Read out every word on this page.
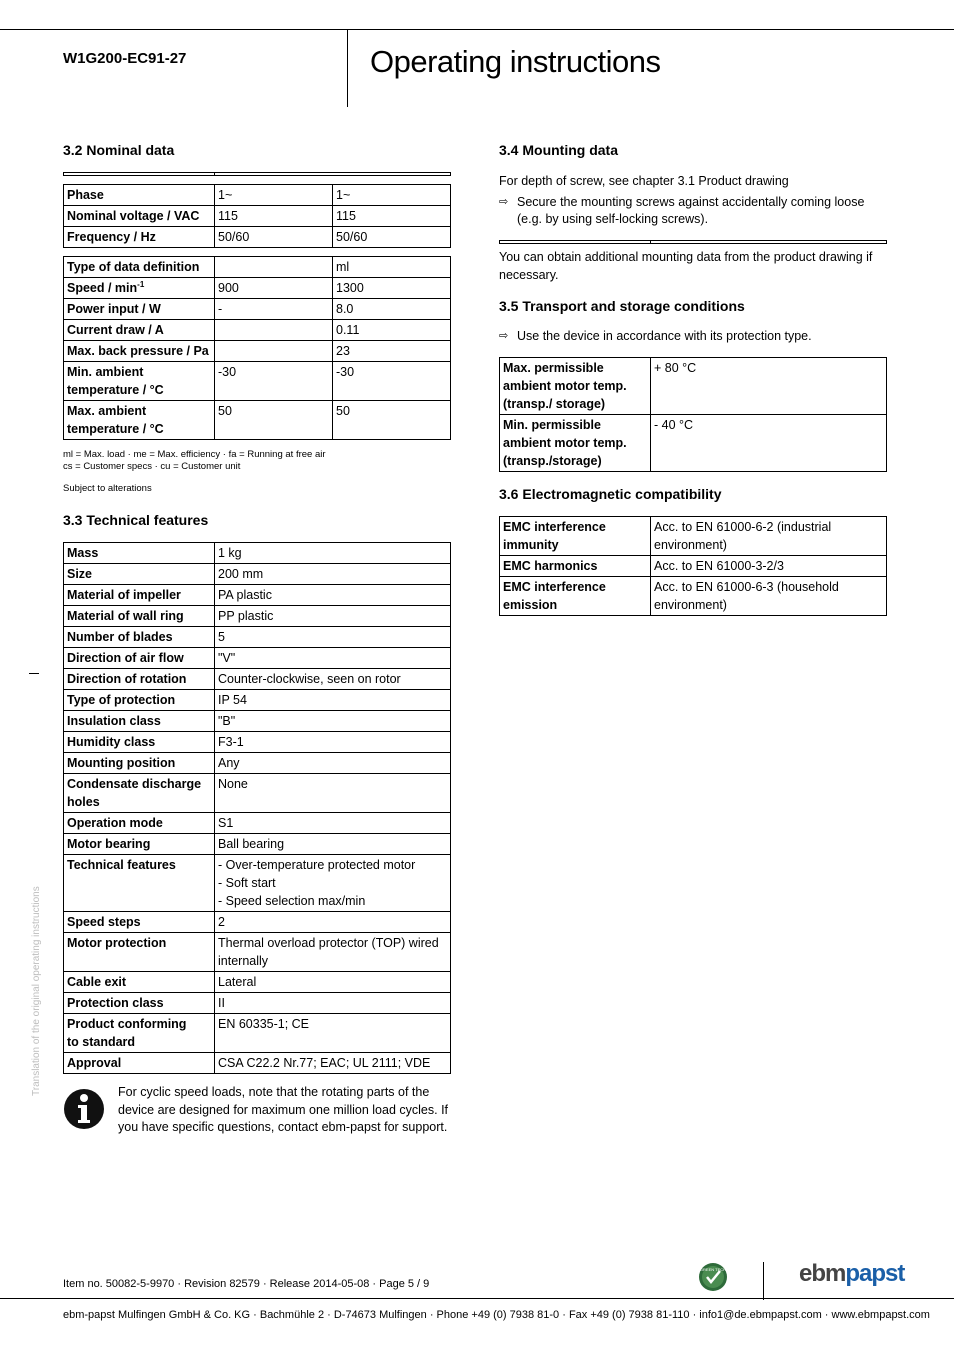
W1G200-EC91-27	Operating instructions
Translation of the original operating instructions
3.2 Nominal data

Phase	1~	1~
Nominal voltage / VAC	115	115
Frequency / Hz	50/60	50/60
Type of data definition		ml
Speed / $\min^{-1}$	900	1300
Power input / W	-	8.0
Current draw / A		0.11
Max. back pressure / Pa		23
Min. ambient temperature / °C	-30	-30
Max. ambient temperature / °C	50	50
ml = Max. load · me = Max. efficiency · fa = Running at free air
cs = Customer specs · cu = Customer unit
Subject to alterations
3.3 Technical features
Mass	1 kg
Size	200 mm
Material of impeller	PA plastic
Material of wall ring	PP plastic
Number of blades	5
Direction of air flow	"V"
Direction of rotation	Counter-clockwise, seen on rotor
Type of protection	IP 54
Insulation class	"B"
Humidity class	F3-1
Mounting position	Any
Condensate discharge holes	None
Operation mode	S1
Motor bearing	Ball bearing
Technical features	- Over-temperature protected motor
- Soft start
- Speed selection max/min
Speed steps	2
Motor protection	Thermal overload protector (TOP) wired internally
Cable exit	Lateral
Protection class	II
Product conforming
to standard	EN 60335-1; CE
Approval	CSA C22.2 Nr.77; EAC; UL 2111; VDE
For cyclic speed loads, note that the rotating parts of the device are designed for maximum one million load cycles. If you have specific questions, contact ebm-papst for support.
3.4 Mounting data

For depth of screw, see chapter 3.1 Product drawing

⇨ Secure the mounting screws against accidentally coming loose (e.g. by using self-locking screws).

You can obtain additional mounting data from the product drawing if necessary.

3.5 Transport and storage conditions
⇨ Use the device in accordance with its protection type.
Max. permissible ambient motor temp. (transp./ storage)	+ 80 °C
Min. permissible ambient motor temp. (transp./storage)	- 40 °C
3.6 Electromagnetic compatibility
EMC interference immunity	Acc. to EN 61000-6-2 (industrial environment)
EMC harmonics	Acc. to EN 61000-3-2/3
EMC interference emission	Acc. to EN 61000-6-3 (household environment)
Item no. 50082-5-9970 · Revision 82579 · Release 2014-05-08 · Page 5 / 9
GREEN TECH	ebmpapst
ebm-papst Mulfingen GmbH & Co. KG · Bachmühle 2 · D-74673 Mulfingen · Phone +49 (0) 7938 81-0 · Fax +49 (0) 7938 81-110 · info1@de.ebmpapst.com · www.ebmpapst.com
